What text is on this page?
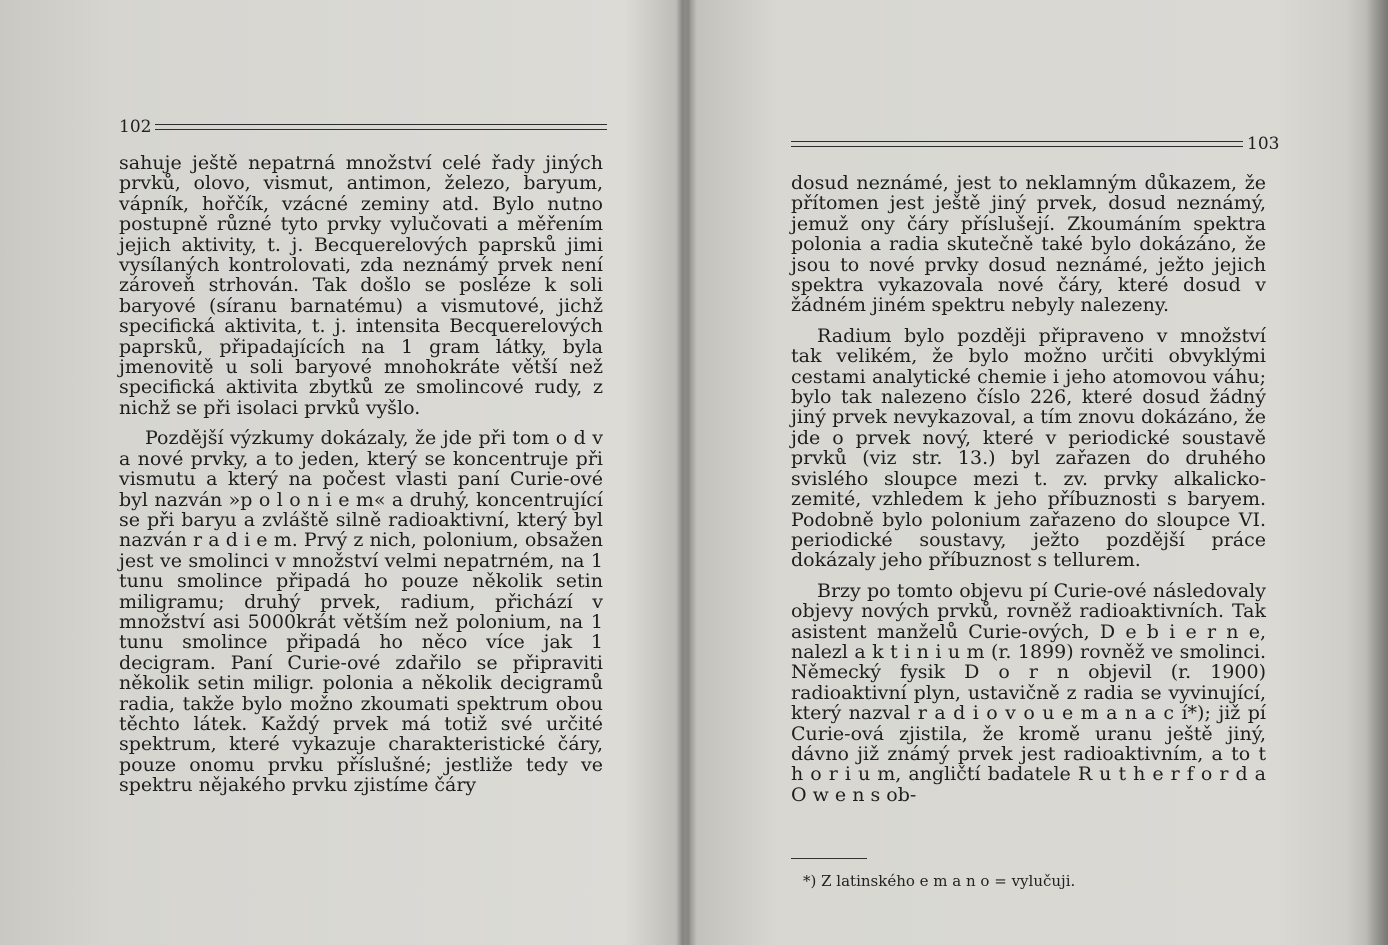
102

sahuje ještě nepatrná množství celé řady jiných prvků, olovo, vismut, antimon, železo, baryum, vápník, hořčík, vzácné zeminy atd. Bylo nutno postupně různé tyto prvky vylučovati a měřením jejich aktivity, t. j. Becquerelových paprsků jimi vysílaných kontrolovati, zda neznámý prvek není zároveň strhován. Tak došlo se posléze k soli baryové (síranu barnatému) a vismutové, jichž specifická aktivita, t. j. intensita Becquerelových paprsků, připadajících na 1 gram látky, byla jmenovitě u soli baryové mnohokráte větší než specifická aktivita zbytků ze smolincové rudy, z nichž se při isolaci prvků vyšlo.

Pozdější výzkumy dokázaly, že jde při tom o d v a nové prvky, a to jeden, který se koncentruje při vismutu a který na počest vlasti paní Curie-ové byl nazván »p o l o n i e m« a druhý, koncentrující se při baryu a zvláště silně radioaktivní, který byl nazván r a d i e m. Prvý z nich, polonium, obsažen jest ve smolinci v množství velmi nepatrném, na 1 tunu smolince připadá ho pouze několik setin miligramu; druhý prvek, radium, přichází v množství asi 5000krát větším než polonium, na 1 tunu smolince připadá ho něco více jak 1 decigram. Paní Curie-ové zdařilo se připraviti několik setin miligr. polonia a několik decigramů radia, takže bylo možno zkoumati spektrum obou těchto látek. Každý prvek má totiž své určité spektrum, které vykazuje charakteristické čáry, pouze onomu prvku příslušné; jestliže tedy ve spektru nějakého prvku zjistíme čáry

103

dosud neznámé, jest to neklamným důkazem, že přítomen jest ještě jiný prvek, dosud neznámý, jemuž ony čáry příslušejí. Zkoumáním spektra polonia a radia skutečně také bylo dokázáno, že jsou to nové prvky dosud neznámé, ježto jejich spektra vykazovala nové čáry, které dosud v žádném jiném spektru nebyly nalezeny.

Radium bylo později připraveno v množství tak velikém, že bylo možno určiti obvyklými cestami analytické chemie i jeho atomovou váhu; bylo tak nalezeno číslo 226, které dosud žádný jiný prvek nevykazoval, a tím znovu dokázáno, že jde o prvek nový, které v periodické soustavě prvků (viz str. 13.) byl zařazen do druhého svislého sloupce mezi t. zv. prvky alkalicko-zemité, vzhledem k jeho příbuznosti s baryem. Podobně bylo polonium zařazeno do sloupce VI. periodické soustavy, ježto pozdější práce dokázaly jeho příbuznost s tellurem.

Brzy po tomto objevu pí Curie-ové následovaly objevy nových prvků, rovněž radioaktivních. Tak asistent manželů Curie-ových, D e b i e r n e, nalezl a k t i n i u m (r. 1899) rovněž ve smolinci. Německý fysik D o r n objevil (r. 1900) radioaktivní plyn, ustavičně z radia se vyvinující, který nazval r a d i o v o u e m a n a c í*); již pí Curie-ová zjistila, že kromě uranu ještě jiný, dávno již známý prvek jest radioaktivním, a to t h o r i u m, angličtí badatele R u t h e r f o r d a O w e n s ob-

*) Z latinského e m a n o = vylučuji.
